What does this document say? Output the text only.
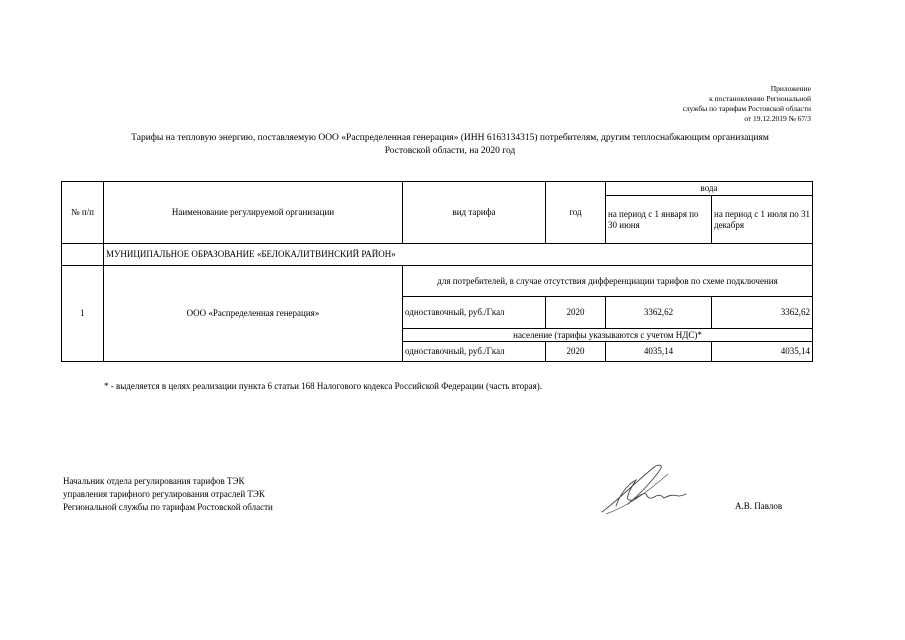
Приложение
к постановлению Региональной
службы по тарифам Ростовской области
от 19.12.2019 № 67/3
Тарифы на тепловую энергию, поставляемую ООО «Распределенная генерация» (ИНН 6163134315) потребителям, другим теплоснабжающим организациям
Ростовской области, на 2020 год
№ п/п	Наименование регулируемой организации	вид тарифа	год	вода	
				на период с 1 января по 30 июня	на период с 1 июля по 31 декабря
	МУНИЦИПАЛЬНОЕ ОБРАЗОВАНИЕ «БЕЛОКАЛИТВИНСКИЙ РАЙОН»				
1	ООО «Распределенная генерация»	для потребителей, в случае отсутствия дифференциации тарифов по схеме подключения			
		одноставочный, руб./Гкал	2020	3362,62	3362,62
		население (тарифы указываются с учетом НДС)*			
		одноставочный, руб./Гкал	2020	4035,14	4035,14
* - выделяется в целях реализации пункта 6 статьи 168 Налогового кодекса Российской Федерации (часть вторая).
Начальник отдела регулирования тарифов ТЭК
управления тарифного регулирования отраслей ТЭК
Региональной службы по тарифам Ростовской области	А.В. Павлов
